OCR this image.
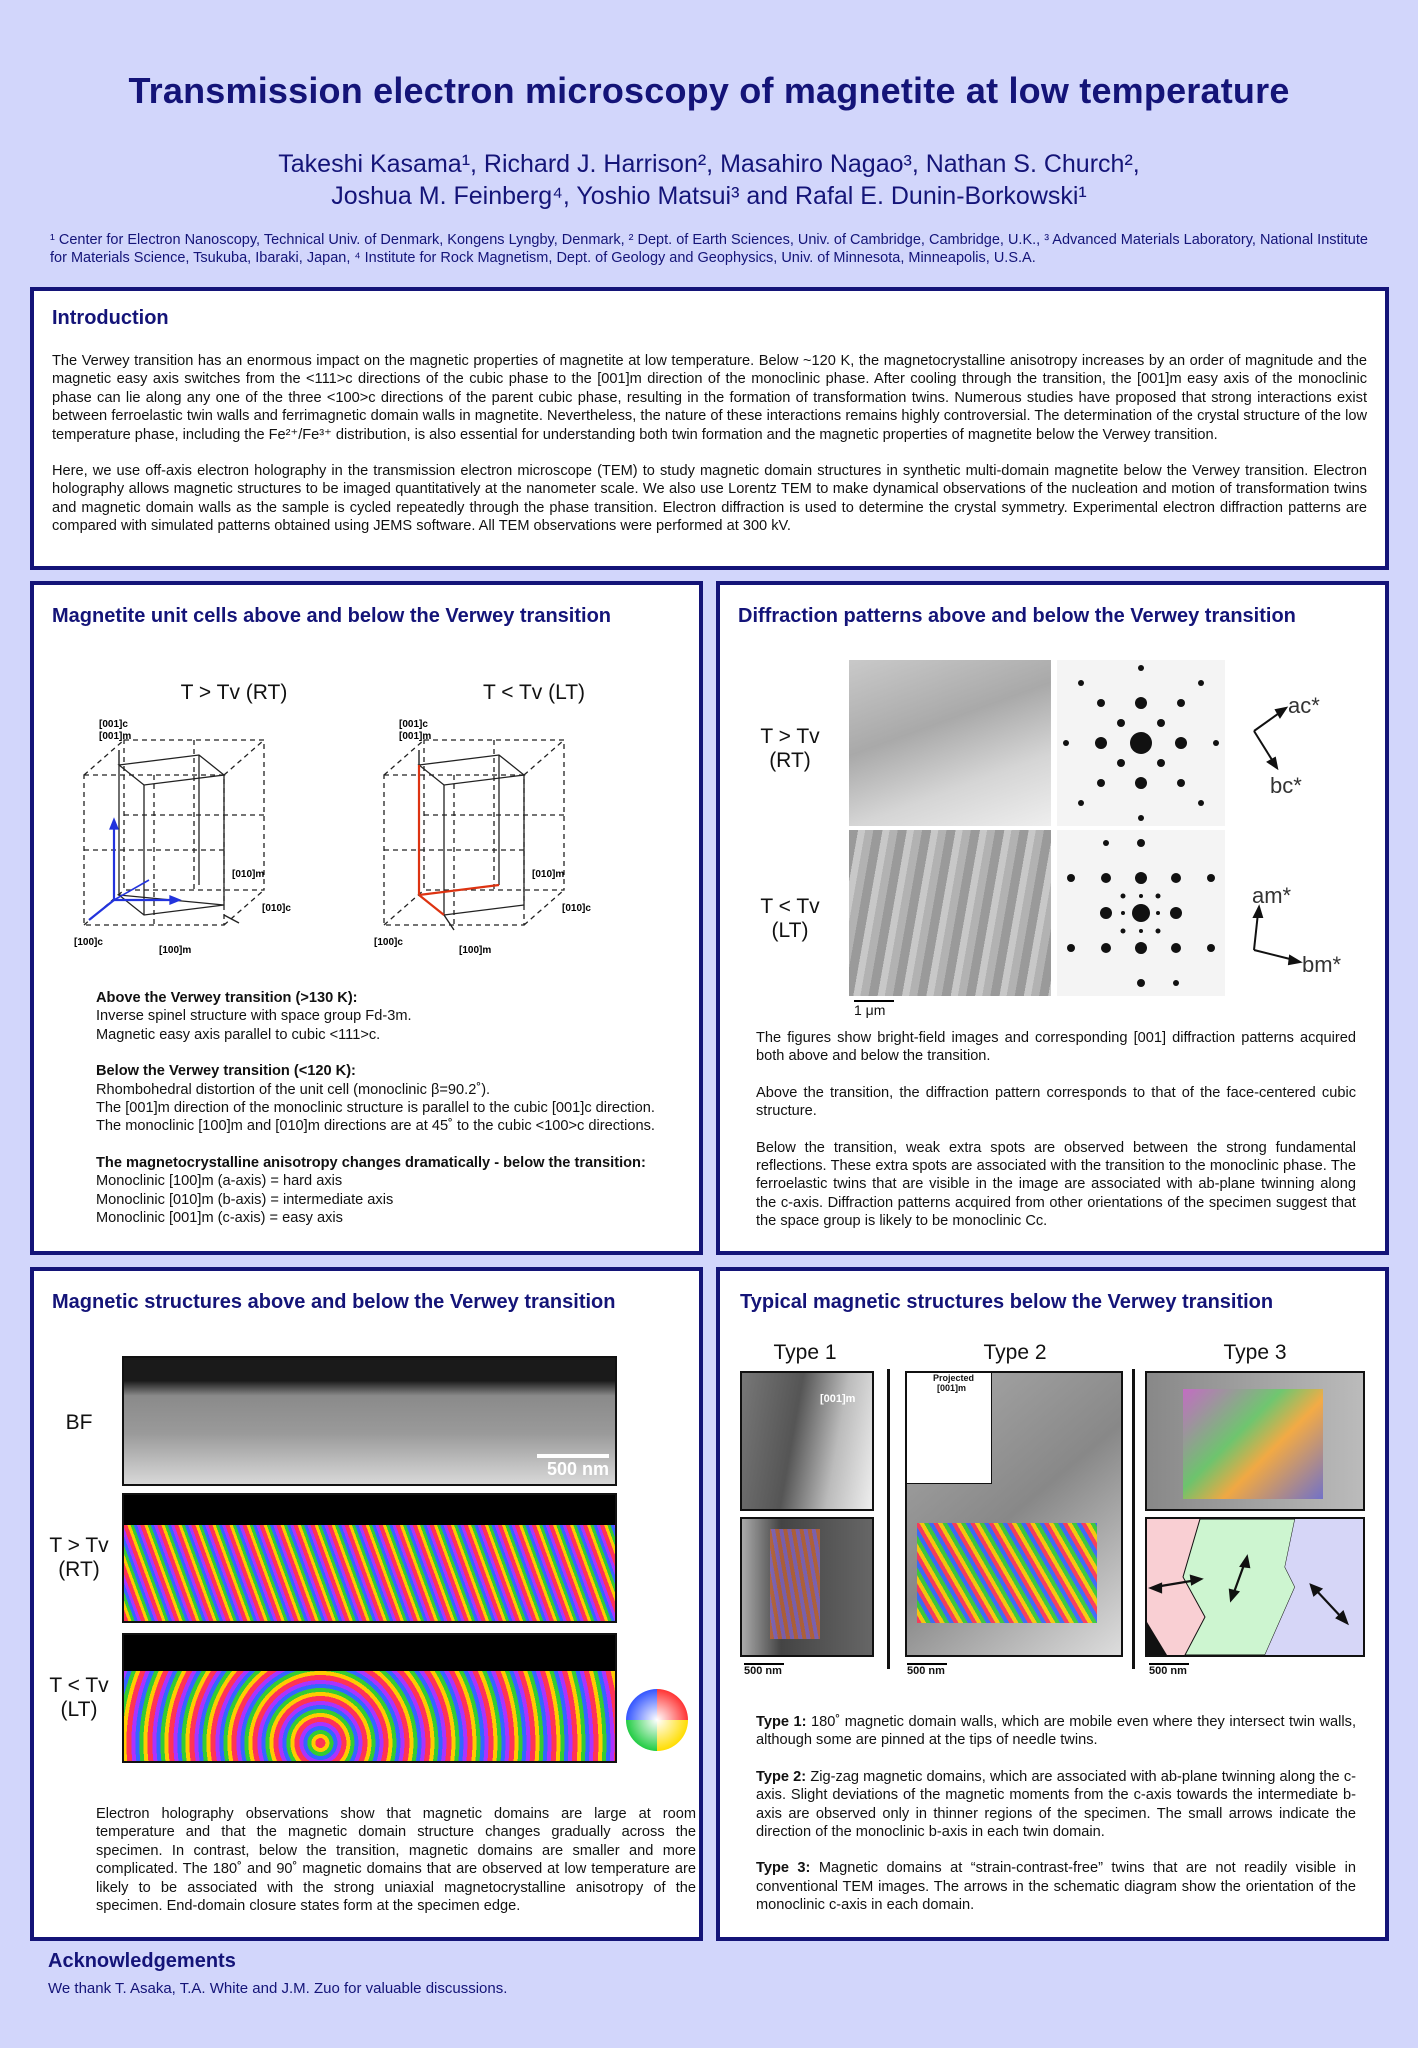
Transmission electron microscopy of magnetite at low temperature
Takeshi Kasama¹, Richard J. Harrison², Masahiro Nagao³, Nathan S. Church²,
Joshua M. Feinberg⁴, Yoshio Matsui³ and Rafal E. Dunin-Borkowski¹
¹ Center for Electron Nanoscopy, Technical Univ. of Denmark, Kongens Lyngby, Denmark, ² Dept. of Earth Sciences, Univ. of Cambridge, Cambridge, U.K., ³ Advanced Materials Laboratory, National Institute for Materials Science, Tsukuba, Ibaraki, Japan, ⁴ Institute for Rock Magnetism, Dept. of Geology and Geophysics, Univ. of Minnesota, Minneapolis, U.S.A.
Introduction

The Verwey transition has an enormous impact on the magnetic properties of magnetite at low temperature. Below ~120 K, the magnetocrystalline anisotropy increases by an order of magnitude and the magnetic easy axis switches from the <111>c directions of the cubic phase to the [001]m direction of the monoclinic phase. After cooling through the transition, the [001]m easy axis of the monoclinic phase can lie along any one of the three <100>c directions of the parent cubic phase, resulting in the formation of transformation twins. Numerous studies have proposed that strong interactions exist between ferroelastic twin walls and ferrimagnetic domain walls in magnetite. Nevertheless, the nature of these interactions remains highly controversial. The determination of the crystal structure of the low temperature phase, including the Fe²⁺/Fe³⁺ distribution, is also essential for understanding both twin formation and the magnetic properties of magnetite below the Verwey transition.

Here, we use off-axis electron holography in the transmission electron microscope (TEM) to study magnetic domain structures in synthetic multi-domain magnetite below the Verwey transition. Electron holography allows magnetic structures to be imaged quantitatively at the nanometer scale. We also use Lorentz TEM to make dynamical observations of the nucleation and motion of transformation twins and magnetic domain walls as the sample is cycled repeatedly through the phase transition. Electron diffraction is used to determine the crystal symmetry. Experimental electron diffraction patterns are compared with simulated patterns obtained using JEMS software. All TEM observations were performed at 300 kV.

Magnetite unit cells above and below the Verwey transition
T > Tv (RT)	T < Tv (LT)
[001]c
[001]m
[010]m
[010]c
[100]c
[100]m
[001]c
[001]m
[010]m
[010]c
[100]c
[100]m

Above the Verwey transition (>130 K):

Inverse spinel structure with space group Fd-3m.

Magnetic easy axis parallel to cubic <111>c.

Below the Verwey transition (<120 K):

Rhombohedral distortion of the unit cell (monoclinic β=90.2˚).

The [001]m direction of the monoclinic structure is parallel to the cubic [001]c direction.

The monoclinic [100]m and [010]m directions are at 45˚ to the cubic <100>c directions.

The magnetocrystalline anisotropy changes dramatically - below the transition:

Monoclinic [100]m (a-axis) = hard axis

Monoclinic [010]m (b-axis) = intermediate axis

Monoclinic [001]m (c-axis) = easy axis

Diffraction patterns above and below the Verwey transition
T > Tv
(RT)
T < Tv
(LT)
ac*
bc*
am*
bm*
1 μm

The figures show bright-field images and corresponding [001] diffraction patterns acquired both above and below the transition.

Above the transition, the diffraction pattern corresponds to that of the face-centered cubic structure.

Below the transition, weak extra spots are observed between the strong fundamental reflections. These extra spots are associated with the transition to the monoclinic phase. The ferroelastic twins that are visible in the image are associated with ab-plane twinning along the c-axis. Diffraction patterns acquired from other orientations of the specimen suggest that the space group is likely to be monoclinic Cc.

Magnetic structures above and below the Verwey transition
BF
T > Tv
(RT)
T < Tv
(LT)
500 nm

Electron holography observations show that magnetic domains are large at room temperature and that the magnetic domain structure changes gradually across the specimen. In contrast, below the transition, magnetic domains are smaller and more complicated. The 180˚ and 90˚ magnetic domains that are observed at low temperature are likely to be associated with the strong uniaxial magnetocrystalline anisotropy of the specimen. End-domain closure states form at the specimen edge.

Typical magnetic structures below the Verwey transition
Type 1	Type 2	Type 3
[001]m
500 nm
Projected
[001]m
500 nm	500 nm

Type 1: 180˚ magnetic domain walls, which are mobile even where they intersect twin walls, although some are pinned at the tips of needle twins.

Type 2: Zig-zag magnetic domains, which are associated with ab-plane twinning along the c-axis. Slight deviations of the magnetic moments from the c-axis towards the intermediate b-axis are observed only in thinner regions of the specimen. The small arrows indicate the direction of the monoclinic b-axis in each twin domain.

Type 3: Magnetic domains at “strain-contrast-free” twins that are not readily visible in conventional TEM images. The arrows in the schematic diagram show the orientation of the monoclinic c-axis in each domain.

Acknowledgements
We thank T. Asaka, T.A. White and J.M. Zuo for valuable discussions.
